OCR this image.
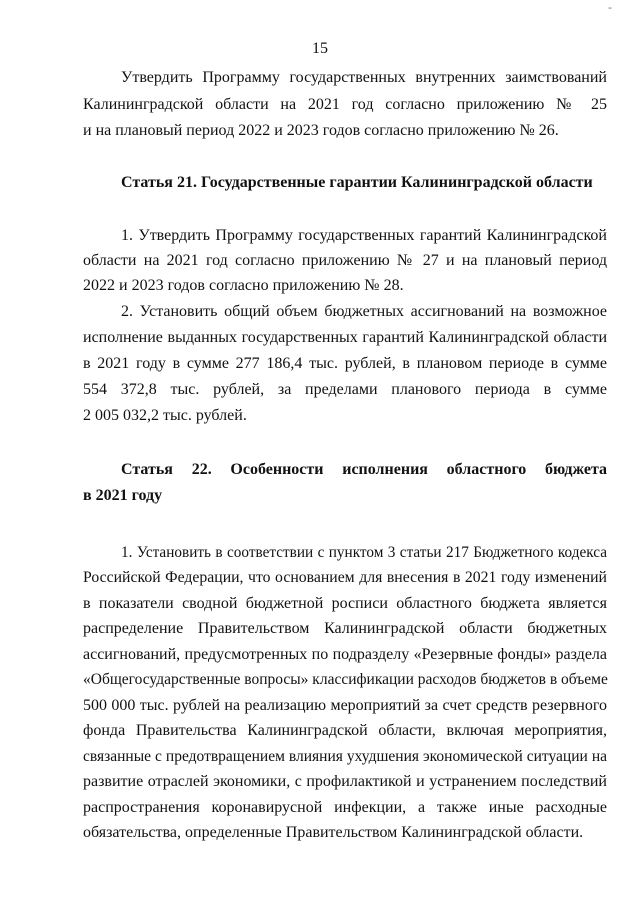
-
15
Утвердить Программу государственных внутренних заимствований
Калининградской области на 2021 год согласно приложению № 25
и на плановый период 2022 и 2023 годов согласно приложению № 26.
Статья 21. Государственные гарантии Калининградской области
1. Утвердить Программу государственных гарантий Калининградской
области на 2021 год согласно приложению № 27 и на плановый период
2022 и 2023 годов согласно приложению № 28.
2. Установить общий объем бюджетных ассигнований на возможное
исполнение выданных государственных гарантий Калининградской области
в 2021 году в сумме 277 186,4 тыс. рублей, в плановом периоде в сумме
554 372,8 тыс. рублей, за пределами планового периода в сумме
2 005 032,2 тыс. рублей.
Статья 22. Особенности исполнения областного бюджета
в 2021 году
1. Установить в соответствии с пунктом 3 статьи 217 Бюджетного кодекса
Российской Федерации, что основанием для внесения в 2021 году изменений
в показатели сводной бюджетной росписи областного бюджета является
распределение Правительством Калининградской области бюджетных
ассигнований, предусмотренных по подразделу «Резервные фонды» раздела
«Общегосударственные вопросы» классификации расходов бюджетов в объеме
500 000 тыс. рублей на реализацию мероприятий за счет средств резервного
фонда Правительства Калининградской области, включая мероприятия,
связанные с предотвращением влияния ухудшения экономической ситуации на
развитие отраслей экономики, с профилактикой и устранением последствий
распространения коронавирусной инфекции, а также иные расходные
обязательства, определенные Правительством Калининградской области.
